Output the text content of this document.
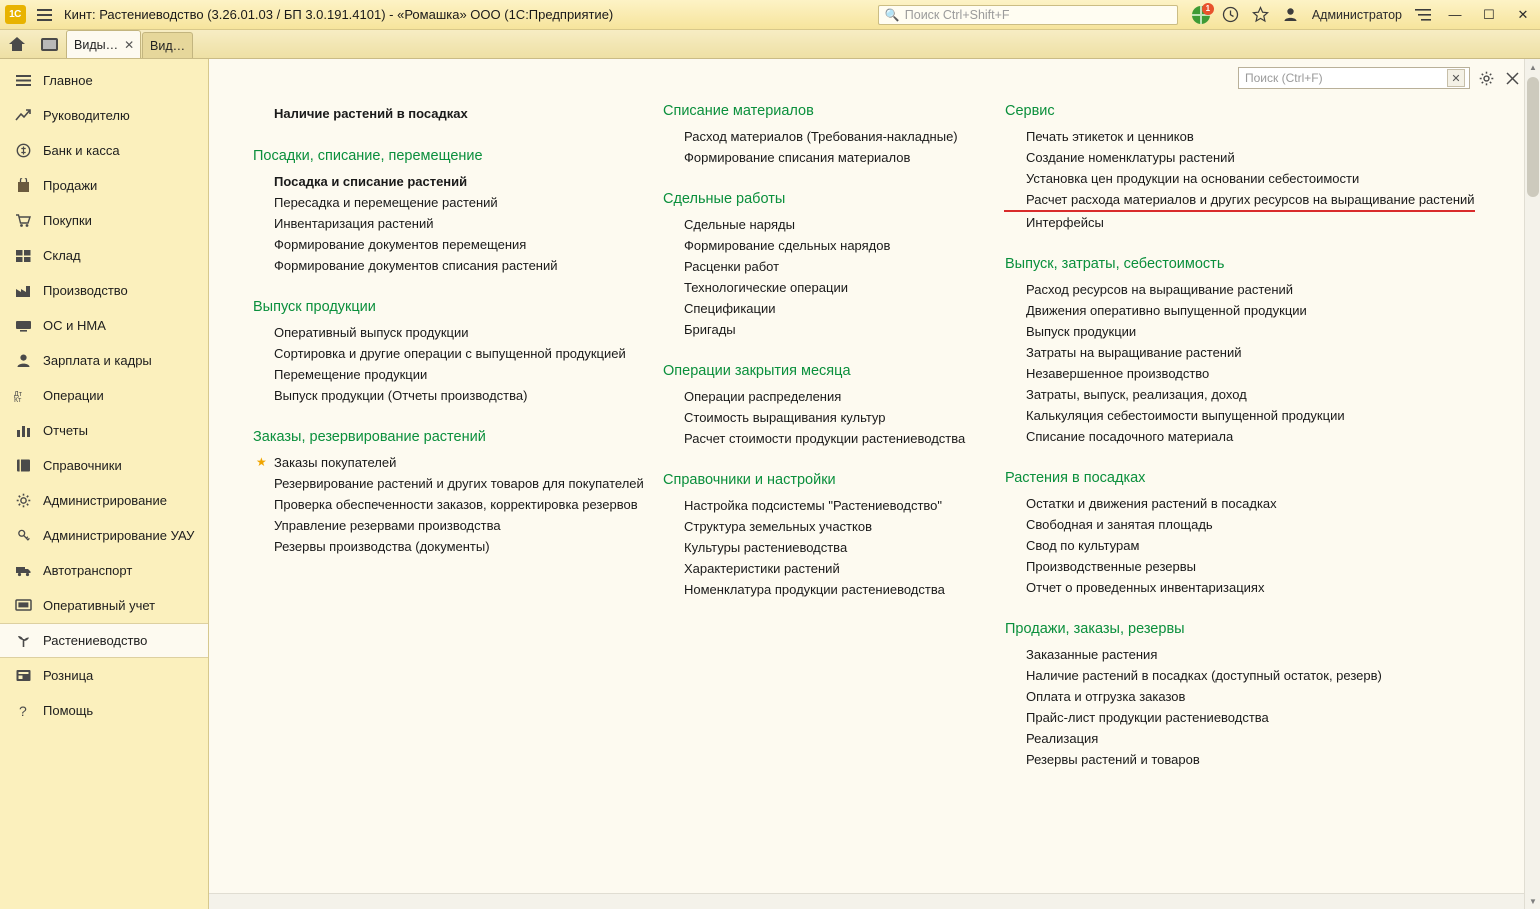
1С	Кинт: Растениеводство (3.26.01.03 / БП 3.0.191.4101) - «Ромашка» ООО (1С:Предприятие)	🔍 Поиск Ctrl+Shift+F	1	Администратор	—	☐	✕
Виды… ✕ Вид…
Главное
Руководителю
Банк и касса
Продажи
Покупки
Склад
Производство
ОС и НМА
Зарплата и кадры
Дт
Кт Операции
Отчеты
Справочники
Администрирование
Администрирование УАУ
Автотранспорт
Оперативный учет
Растениеводство
Розница
? Помощь
Поиск (Ctrl+F)	✕
Наличие растений в посадках
Посадки, списание, перемещение
Посадка и списание растений
Пересадка и перемещение растений
Инвентаризация растений
Формирование документов перемещения
Формирование документов списания растений
Выпуск продукции
Оперативный выпуск продукции
Сортировка и другие операции с выпущенной продукцией
Перемещение продукции
Выпуск продукции (Отчеты производства)
Заказы, резервирование растений
★ Заказы покупателей
Резервирование растений и других товаров для покупателей
Проверка обеспеченности заказов, корректировка резервов
Управление резервами производства
Резервы производства (документы)
Списание материалов
Расход материалов (Требования-накладные)
Формирование списания материалов
Сдельные работы
Сдельные наряды
Формирование сдельных нарядов
Расценки работ
Технологические операции
Спецификации
Бригады
Операции закрытия месяца
Операции распределения
Стоимость выращивания культур
Расчет стоимости продукции растениеводства
Справочники и настройки
Настройка подсистемы "Растениеводство"
Структура земельных участков
Культуры растениеводства
Характеристики растений
Номенклатура продукции растениеводства
Сервис
Печать этикеток и ценников
Создание номенклатуры растений
Установка цен продукции на основании себестоимости
Расчет расхода материалов и других ресурсов на выращивание растений
Интерфейсы
Выпуск, затраты, себестоимость
Расход ресурсов на выращивание растений
Движения оперативно выпущенной продукции
Выпуск продукции
Затраты на выращивание растений
Незавершенное производство
Затраты, выпуск, реализация, доход
Калькуляция себестоимости выпущенной продукции
Списание посадочного материала
Растения в посадках
Остатки и движения растений в посадках
Свободная и занятая площадь
Свод по культурам
Производственные резервы
Отчет о проведенных инвентаризациях
Продажи, заказы, резервы
Заказанные растения
Наличие растений в посадках (доступный остаток, резерв)
Оплата и отгрузка заказов
Прайс-лист продукции растениеводства
Реализация
Резервы растений и товаров
▲
▼
